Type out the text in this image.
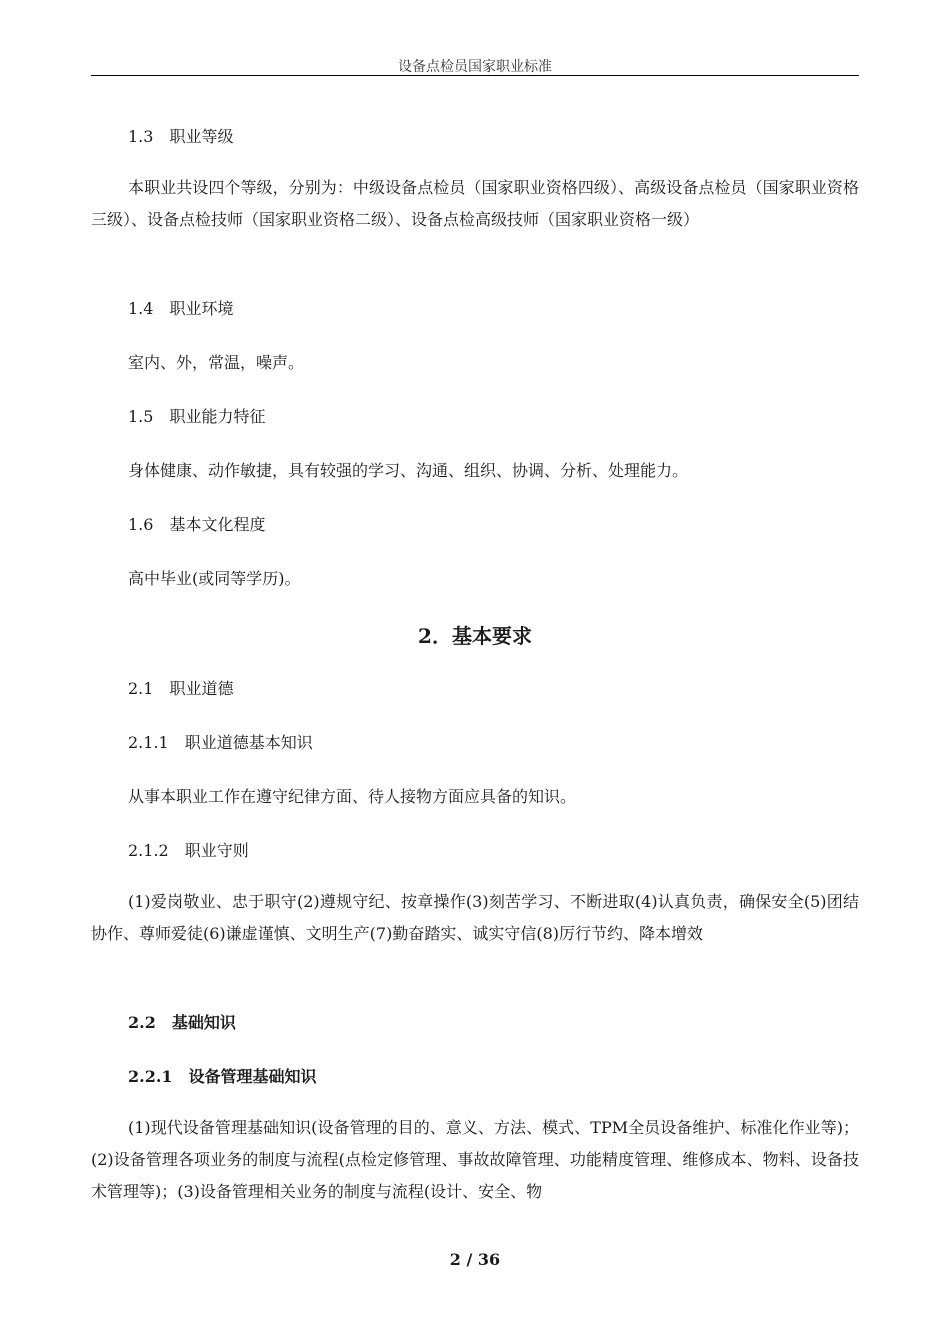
设备点检员国家职业标准
1.3　职业等级
本职业共设四个等级，分别为：中级设备点检员（国家职业资格四级）、高级设备点检员（国家职业资格三级）、设备点检技师（国家职业资格二级）、设备点检高级技师（国家职业资格一级）
1.4　职业环境
室内、外，常温，噪声。
1.5　职业能力特征
身体健康、动作敏捷，具有较强的学习、沟通、组织、协调、分析、处理能力。
1.6　基本文化程度
高中毕业(或同等学历)。
2．基本要求
2.1　职业道德
2.1.1　职业道德基本知识
从事本职业工作在遵守纪律方面、待人接物方面应具备的知识。
2.1.2　职业守则
(1)爱岗敬业、忠于职守(2)遵规守纪、按章操作(3)刻苦学习、不断进取(4)认真负责，确保安全(5)团结协作、尊师爱徒(6)谦虚谨慎、文明生产(7)勤奋踏实、诚实守信(8)厉行节约、降本增效
2.2　基础知识
2.2.1　设备管理基础知识
(1)现代设备管理基础知识(设备管理的目的、意义、方法、模式、TPM全员设备维护、标准化作业等)；(2)设备管理各项业务的制度与流程(点检定修管理、事故故障管理、功能精度管理、维修成本、物料、设备技术管理等)；(3)设备管理相关业务的制度与流程(设计、安全、物
2 / 36
